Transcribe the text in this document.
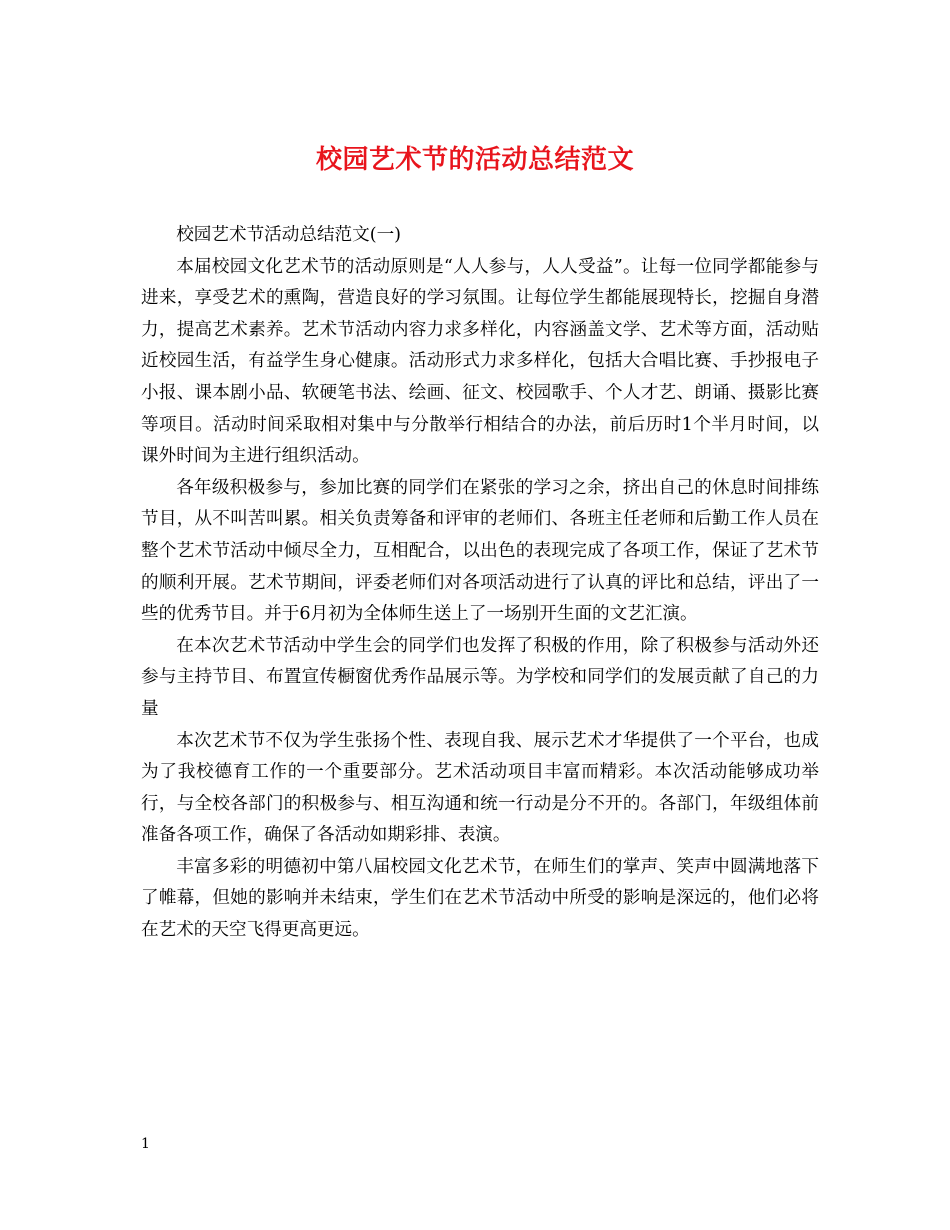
校园艺术节的活动总结范文

校园艺术节活动总结范文(一)

本届校园文化艺术节的活动原则是“人人参与，人人受益”。让每一位同学都能参与进来，享受艺术的熏陶，营造良好的学习氛围。让每位学生都能展现特长，挖掘自身潜力，提高艺术素养。艺术节活动内容力求多样化，内容涵盖文学、艺术等方面，活动贴近校园生活，有益学生身心健康。活动形式力求多样化，包括大合唱比赛、手抄报电子小报、课本剧小品、软硬笔书法、绘画、征文、校园歌手、个人才艺、朗诵、摄影比赛等项目。活动时间采取相对集中与分散举行相结合的办法，前后历时1个半月时间，以课外时间为主进行组织活动。

各年级积极参与，参加比赛的同学们在紧张的学习之余，挤出自己的休息时间排练节目，从不叫苦叫累。相关负责筹备和评审的老师们、各班主任老师和后勤工作人员在整个艺术节活动中倾尽全力，互相配合，以出色的表现完成了各项工作，保证了艺术节的顺利开展。艺术节期间，评委老师们对各项活动进行了认真的评比和总结，评出了一些的优秀节目。并于6月初为全体师生送上了一场别开生面的文艺汇演。

在本次艺术节活动中学生会的同学们也发挥了积极的作用，除了积极参与活动外还参与主持节目、布置宣传橱窗优秀作品展示等。为学校和同学们的发展贡献了自己的力量

本次艺术节不仅为学生张扬个性、表现自我、展示艺术才华提供了一个平台，也成为了我校德育工作的一个重要部分。艺术活动项目丰富而精彩。本次活动能够成功举行，与全校各部门的积极参与、相互沟通和统一行动是分不开的。各部门，年级组体前准备各项工作，确保了各活动如期彩排、表演。

丰富多彩的明德初中第八届校园文化艺术节，在师生们的掌声、笑声中圆满地落下了帷幕，但她的影响并未结束，学生们在艺术节活动中所受的影响是深远的，他们必将在艺术的天空飞得更高更远。

1
